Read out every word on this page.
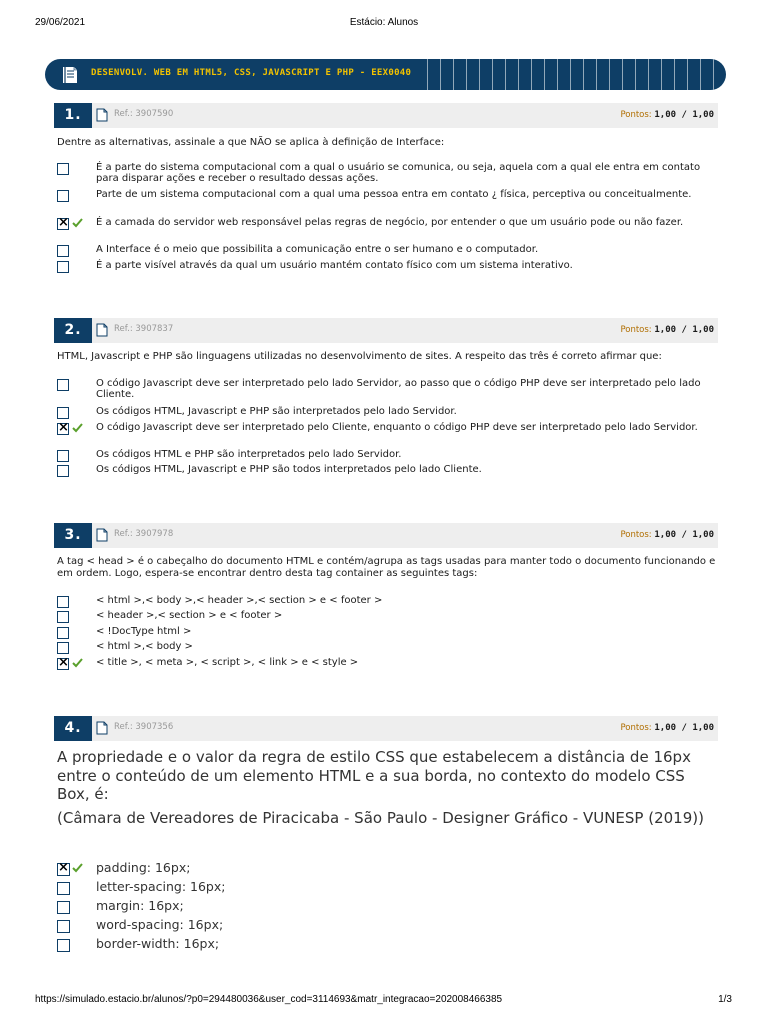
29/06/2021	Estácio: Alunos
DESENVOLV. WEB EM HTML5, CSS, JAVASCRIPT E PHP - EEX0040
1.	Ref.: 3907590	Pontos: 1,00 / 1,00
Dentre as alternativas, assinale a que NÃO se aplica à definição de Interface:
É a parte do sistema computacional com a qual o usuário se comunica, ou seja, aquela com a qual ele entra em contato para disparar ações e receber o resultado dessas ações.
Parte de um sistema computacional com a qual uma pessoa entra em contato ¿ física, perceptiva ou conceitualmente.
×
É a camada do servidor web responsável pelas regras de negócio, por entender o que um usuário pode ou não fazer.
A Interface é o meio que possibilita a comunicação entre o ser humano e o computador.
É a parte visível através da qual um usuário mantém contato físico com um sistema interativo.
2.	Ref.: 3907837	Pontos: 1,00 / 1,00
HTML, Javascript e PHP são linguagens utilizadas no desenvolvimento de sites. A respeito das três é correto afirmar que:
O código Javascript deve ser interpretado pelo lado Servidor, ao passo que o código PHP deve ser interpretado pelo lado Cliente.
Os códigos HTML, Javascript e PHP são interpretados pelo lado Servidor.
×
O código Javascript deve ser interpretado pelo Cliente, enquanto o código PHP deve ser interpretado pelo lado Servidor.
Os códigos HTML e PHP são interpretados pelo lado Servidor.
Os códigos HTML, Javascript e PHP são todos interpretados pelo lado Cliente.
3.	Ref.: 3907978	Pontos: 1,00 / 1,00
A tag < head > é o cabeçalho do documento HTML e contém/agrupa as tags usadas para manter todo o documento funcionando e em ordem. Logo, espera-se encontrar dentro desta tag container as seguintes tags:
< html >,< body >,< header >,< section > e < footer >
< header >,< section > e < footer >
< !DocType html >
< html >,< body >
×
< title >, < meta >, < script >, < link > e < style >
4.	Ref.: 3907356	Pontos: 1,00 / 1,00
A propriedade e o valor da regra de estilo CSS que estabelecem a distância de 16px entre o conteúdo de um elemento HTML e a sua borda, no contexto do modelo CSS Box, é:
(Câmara de Vereadores de Piracicaba - São Paulo - Designer Gráfico - VUNESP (2019))
×
padding: 16px;
letter-spacing: 16px;
margin: 16px;
word-spacing: 16px;
border-width: 16px;
https://simulado.estacio.br/alunos/?p0=294480036&user_cod=3114693&matr_integracao=202008466385	1/3
